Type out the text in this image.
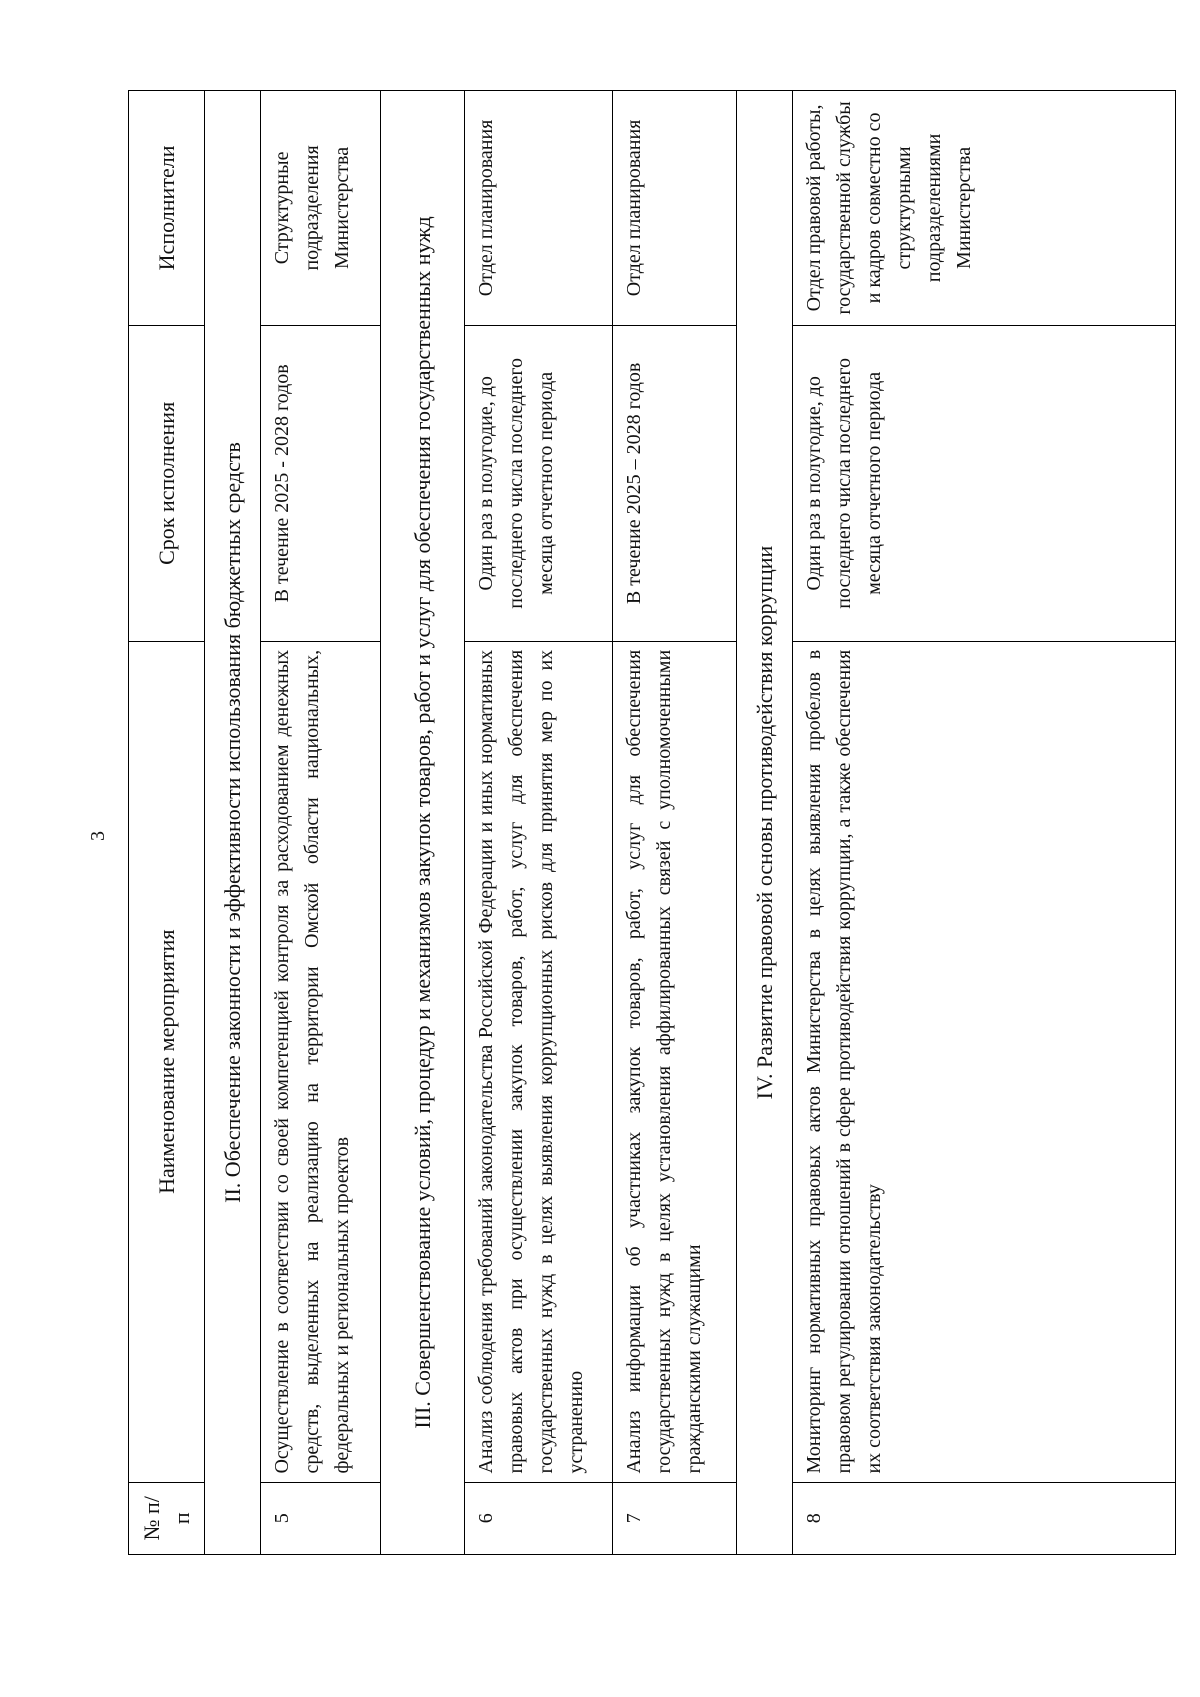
3
№ п/п	Наименование мероприятия	Срок исполнения	Исполнители
II. Обеспечение законности и эффективности использования бюджетных средств			
5	Осуществление в соответствии со своей компетенцией контроля за расходованием денежных средств, выделенных на реализацию на территории Омской области национальных, федеральных и региональных проектов	В течение 2025 - 2028 годов	Структурные подразделения Министерства
III. Совершенствование условий, процедур и механизмов закупок товаров, работ и услуг для обеспечения государственных нужд			
6	Анализ соблюдения требований законодательства Российской Федерации и иных нормативных правовых актов при осуществлении закупок товаров, работ, услуг для обеспечения государственных нужд в целях выявления коррупционных рисков для принятия мер по их устранению	Один раз в полугодие, до последнего числа последнего месяца отчетного периода	Отдел планирования
7	Анализ информации об участниках закупок товаров, работ, услуг для обеспечения государственных нужд в целях установления аффилированных связей с уполномоченными гражданскими служащими	В течение 2025 – 2028 годов	Отдел планирования
IV. Развитие правовой основы противодействия коррупции			
8	Мониторинг нормативных правовых актов Министерства в целях выявления пробелов в правовом регулировании отношений в сфере противодействия коррупции, а также обеспечения их соответствия законодательству	Один раз в полугодие, до последнего числа последнего месяца отчетного периода	Отдел правовой работы, государственной службы и кадров совместно со структурными подразделениями Министерства
